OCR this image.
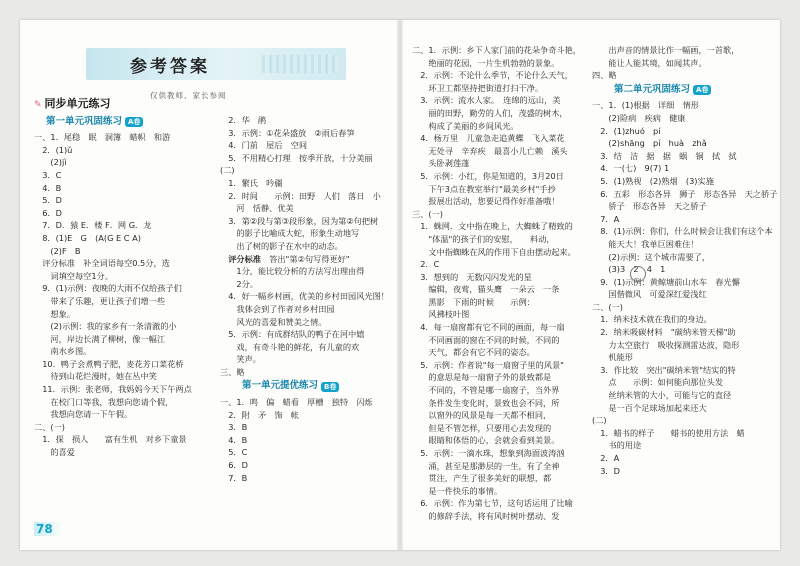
参考答案
仅供教师、家长参阅
✎ 同步单元练习
第一单元巩固练习 A卷
一、1．尾稳　眠　洞簿　蜡帜　和游
　2．(1)ǔ
　　(2)jì
　3．C
　4．B
　5．D
　6．D
　7．D．猿 E．楼 F．网 G．龙
　8．(1)E　G　(A(G E C A)
　　(2)F　B
　评分标准　补全词语每空0.5分，选
　　词填空每空1分。
　9．(1)示例：夜晚的大雨不仅给孩子们
　　带来了乐趣，更让孩子们增一些
　　想象。
　　(2)示例：我的家乡有一条清澈的小
　　河，岸边长满了柳树，像一幅江
　　南水乡图。
　10．鸭子会煮鸭子肥，麦花芳口菜花桥
　　待到山花烂漫时，她在丛中笑
　11．示例：张老师，我妈妈今天下午两点
　　在校门口等我，我想向您请个假，
　　我想向您请一下午假。
二、(一)
　1．探　损人　　富有生机　对乡下童景
　　的喜爱
　2．华　鹃
　3．示例：①花朵盛放　②雨后春笋
　4．门前　屋后　空间
　5．不用精心打理　按季开放，十分美丽
(二)
　1．繁氏　吟疆
　2．时间　　示例：田野　人们　落日　小
　　河　恬静、优美
　3．第②段与第③段形象，因为第②句把树
　　的影子比喻成大蛇，形象生动地写
　　出了树的影子在水中的动态。
　评分标准　 答出"第②句写得更好"
　　1分，能比较分析的方法写出理由得
　　2分。
　4．好一幅乡村画，优美的乡村田园风光图！
　　我体会到了作者对乡村田园
　　风光的喜爱和赞美之情。
　5．示例：有成群结队的鸭子在河中嬉
　　戏，有奇斗艳的鲜花，有儿童的欢
　　笑声。
三、略
第一单元提优练习 B卷
一、1．鸣　偏　蜡看　厚槽　独特　闪烁
　2．附　矛　饰　帐
　3．B
　4．B
　5．C
　6．D
　7．B
二、1．示例：乡下人家门前的花朵争奇斗艳，
　　绝丽的花园，一片生机勃勃的景象。
　2．示例：不论什么季节，不论什么天气，
　　环卫工都坚持把街道打扫干净。
　3．示例：流水人家。　连绵的远山，美
　　丽的田野，勤劳的人们，茂盛的树木，
　　构成了美丽的乡间风光。
　4．杨万里　儿童急走追黄蝶　飞入菜花
　　无处寻　辛弃疾　最喜小儿亡赖　溪头
　　头卧剥莲蓬
　5．示例：小红，你是知道的，3月20日
　　下午3点在教室举行"最美乡村"手抄
　　报展出活动，您要记得作好准备哦！
三、(一)
　1．蛛网．文中指在晚上，大蜘蛛了精致的
　　"体温"的孩子们的安慰，　　料动，
　　文中指蜘蛛在风的作用下自由摆动起来。
　2．C
　3．想到的　无数闪闪发光的星
　　编辑，夜莺，猫头鹰　一朵云　一条
　　黑影　下雨的时候　　示例：
　　风拂枝叶图
　4．每一扇窗都有它不同的画面，每一扇
　　不同画面的窗在不同的时候，不同的
　　天气，都会有它不同的姿态。
　5．示例：作者说"每一扇窗子里的风景"
　　的意思是每一扇窗子外的景致都是
　　不同的，不管是哪一扇窗子，当外界
　　条件发生变化时，景致也会不同，所
　　以窗外的风景是每一天都不相同，
　　但是不管怎样，只要用心去发现的
　　眼睛和体悟的心，会就会看到美景。
　5．示例：一滴水珠，想象到海面波涛汹
　　涌，甚至是那渺层的一生，有了全神
　　贯注，产生了很多美好的联想，都
　　是一件快乐的事情。
　6．示例：作为第七节，这句话运用了比喻
　　的修辞手法，将有风时树叶摆动、发
　　出声音的情景比作一幅画，一首歌，
　　能让人能其境，如闻其声。
四、略
第二单元巩固练习 A卷
一、1．(1)根据　详细　情形
　　(2)险病　疾病　健康
　2．(1)zhuó　pí
　　(2)shāng　pí　huà　zhǎ
　3．结　洁　据　据　蜗　铜　拭　拭
　4．一(七)　9(7) 1
　5．(1)熟视　(2)熟烟　(3)实施
　6．五彩　形态各异　狮子　形态各异　天之骄子
　　骄子　形态各异　天之骄子
　7．A
　8．(1)示例：你们，什么时候会让我们有这个本
　　能天大！我单巨困难住！
　　(2)示例：这个城市需要了，
　　(3)3　2　4　1
　9．(1)示例：黄鲸塘前山水车　春光懈
　　国偕微风　可爱深红爱浅红
二、(一)
　1．纳米技术就在我们的身边。
　2．纳米吸碳材料　"碳纳米管天梯"助
　　力太空旅行　吸收探测雷达波，隐形
　　机能形
　3．作比较　突出"碳纳米管"结实的特
　　点　　示例：如何能向那位头发
　　丝纳米管的大小，可能与它的直径
　　是一百个足球场加起来还大
(二)
　1．蜡书的样子　　蜡书的使用方法　蜡
　　书的用途
　2．A
　3．D
78
